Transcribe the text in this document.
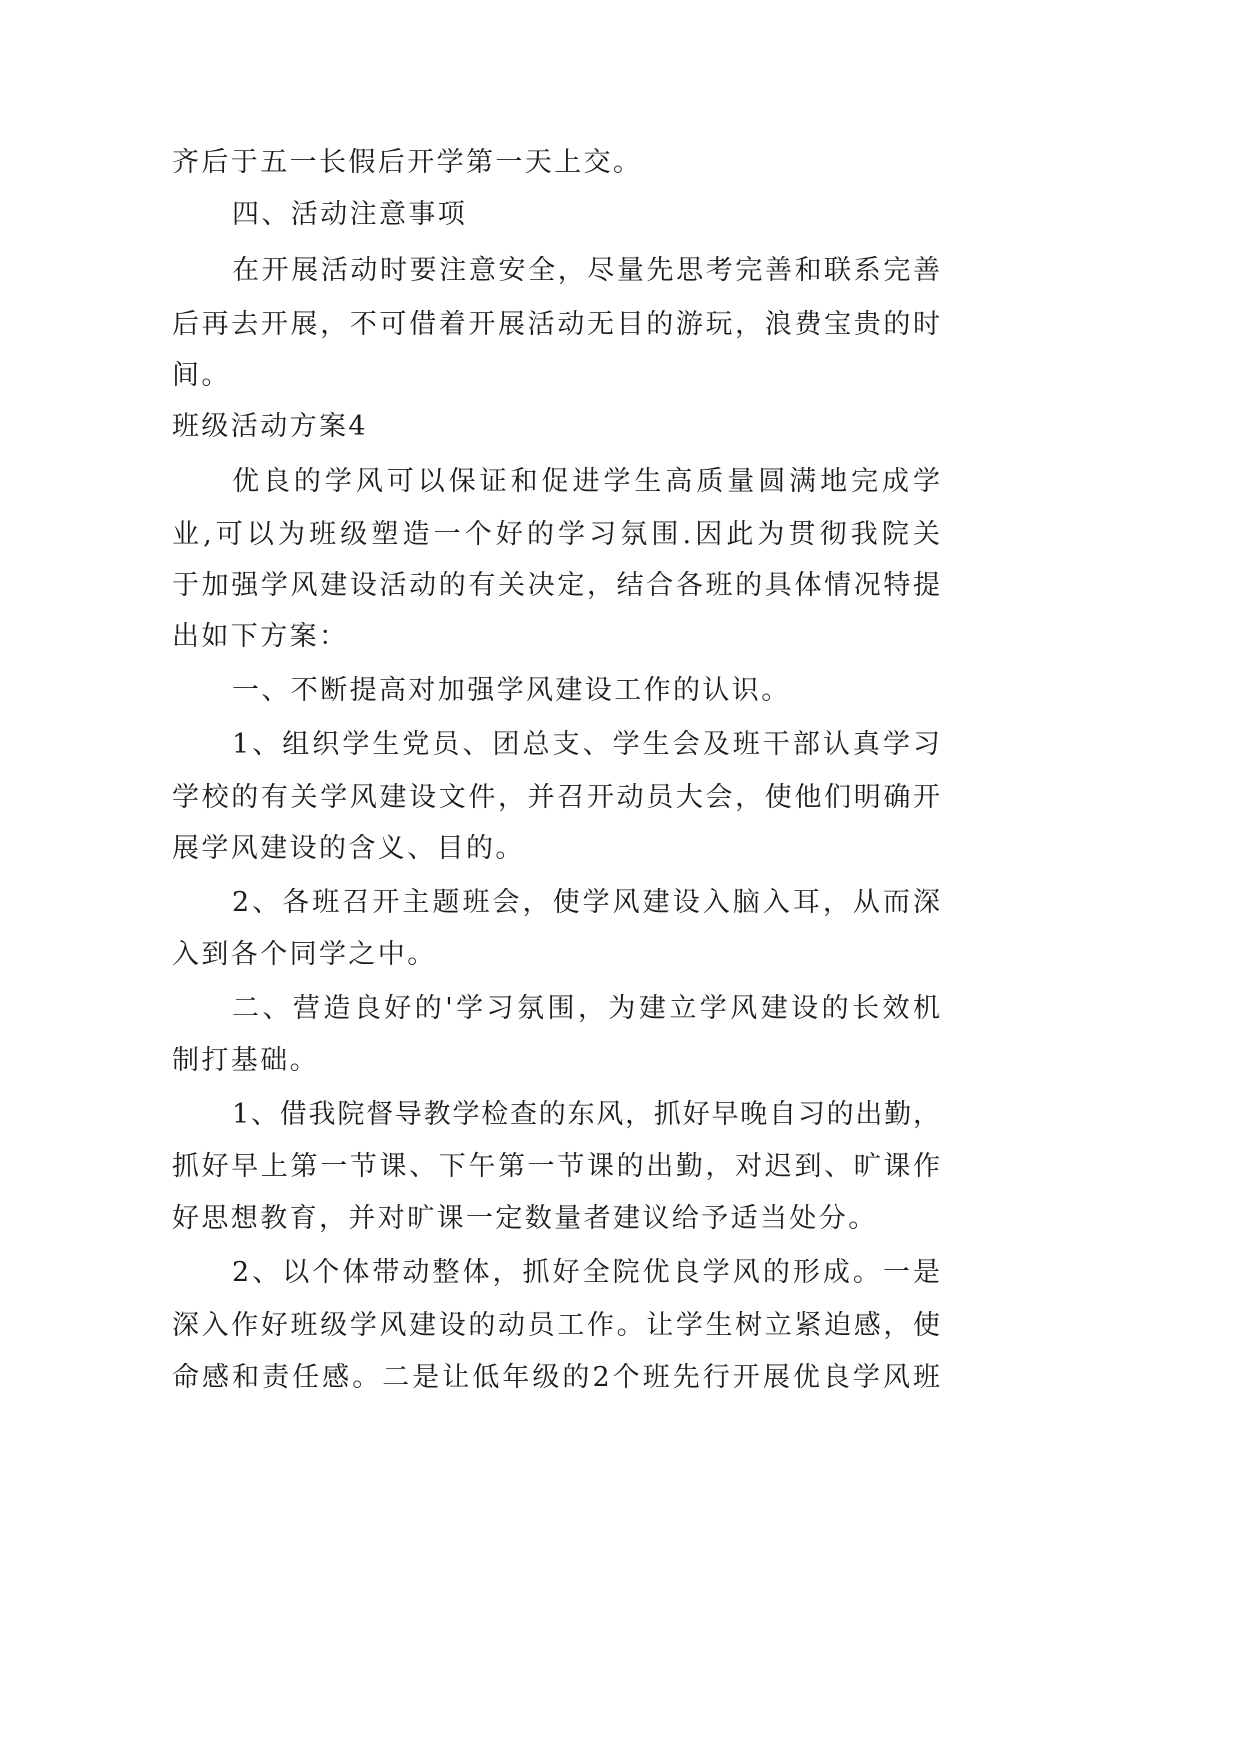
齐后于五一长假后开学第一天上交。
四、活动注意事项
在开展活动时要注意安全，尽量先思考完善和联系完善
后再去开展，不可借着开展活动无目的游玩，浪费宝贵的时
间。
班级活动方案4
优良的学风可以保证和促进学生高质量圆满地完成学
业,可以为班级塑造一个好的学习氛围.因此为贯彻我院关
于加强学风建设活动的有关决定，结合各班的具体情况特提
出如下方案：
一、不断提高对加强学风建设工作的认识。
1、组织学生党员、团总支、学生会及班干部认真学习
学校的有关学风建设文件，并召开动员大会，使他们明确开
展学风建设的含义、目的。
2、各班召开主题班会，使学风建设入脑入耳，从而深
入到各个同学之中。
二、营造良好的'学习氛围，为建立学风建设的长效机
制打基础。
1、借我院督导教学检查的东风，抓好早晚自习的出勤，
抓好早上第一节课、下午第一节课的出勤，对迟到、旷课作
好思想教育，并对旷课一定数量者建议给予适当处分。
2、以个体带动整体，抓好全院优良学风的形成。一是
深入作好班级学风建设的动员工作。让学生树立紧迫感，使
命感和责任感。二是让低年级的2个班先行开展优良学风班
